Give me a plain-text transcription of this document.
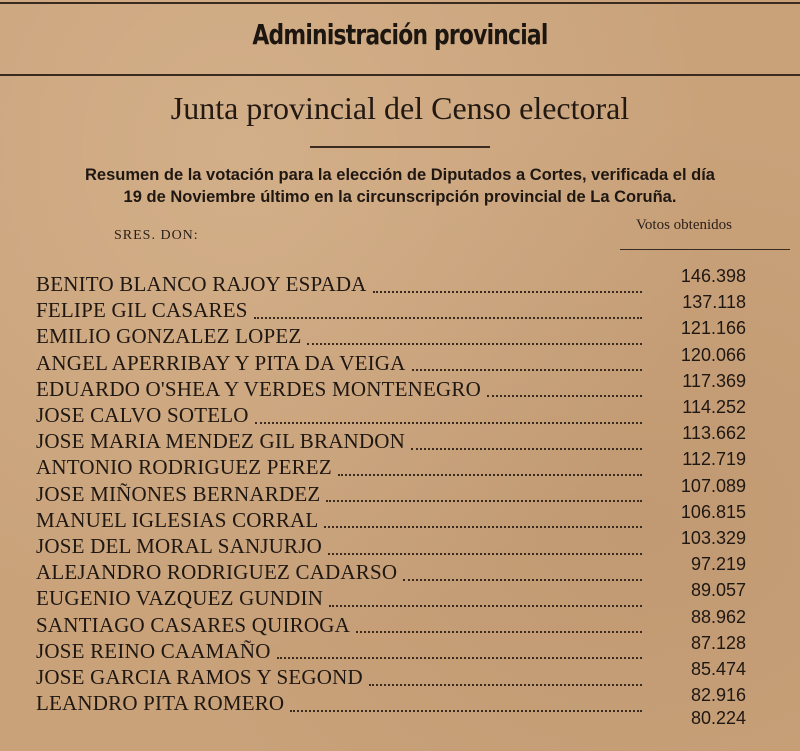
Administración provincial
Junta provincial del Censo electoral
Resumen de la votación para la elección de Diputados a Cortes, verificada el día
19 de Noviembre último en la circunscripción provincial de La Coruña.
SRES. DON:
Votos obtenidos
BENITO BLANCO RAJOY ESPADA	146.398
FELIPE GIL CASARES	137.118
EMILIO GONZALEZ LOPEZ	121.166
ANGEL APERRIBAY Y PITA DA VEIGA	120.066
EDUARDO O'SHEA Y VERDES MONTENEGRO	117.369
JOSE CALVO SOTELO	114.252
JOSE MARIA MENDEZ GIL BRANDON	113.662
ANTONIO RODRIGUEZ PEREZ	112.719
JOSE MIÑONES BERNARDEZ	107.089
MANUEL IGLESIAS CORRAL	106.815
JOSE DEL MORAL SANJURJO	103.329
ALEJANDRO RODRIGUEZ CADARSO	97.219
EUGENIO VAZQUEZ GUNDIN	89.057
SANTIAGO CASARES QUIROGA	88.962
JOSE REINO CAAMAÑO	87.128
JOSE GARCIA RAMOS Y SEGOND	85.474
LEANDRO PITA ROMERO	82.916
80.224
